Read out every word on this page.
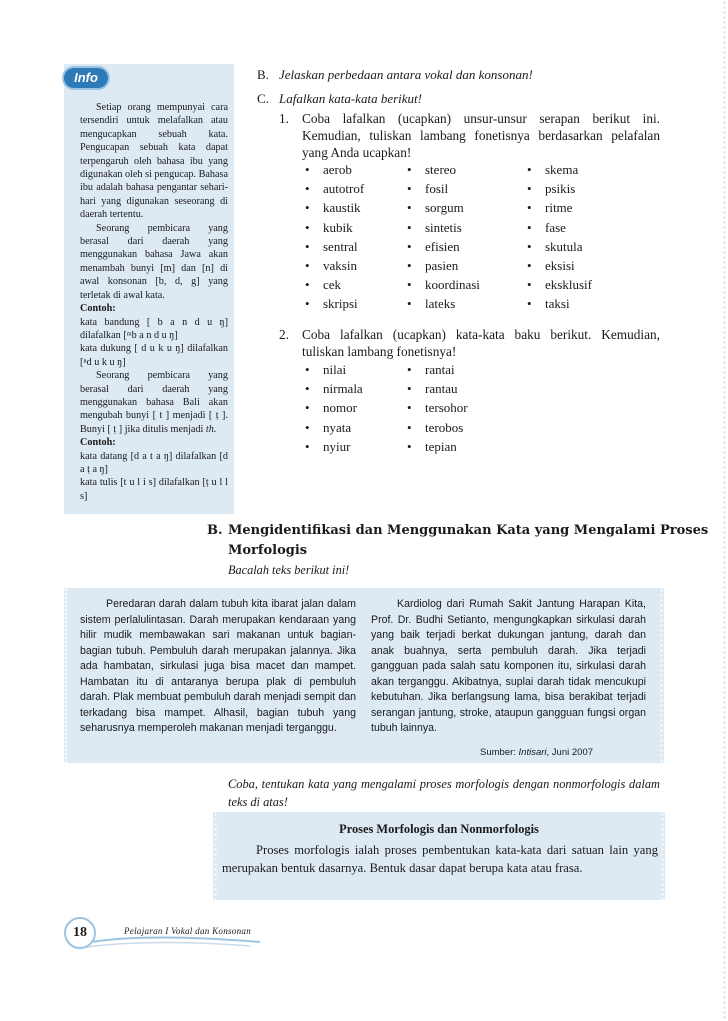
Info

Setiap orang mempunyai cara tersendiri untuk melafalkan atau mengucapkan sebuah kata. Pengucapan sebuah kata dapat terpengaruh oleh bahasa ibu yang digunakan oleh si pengucap. Bahasa ibu adalah bahasa pengantar sehari-hari yang digunakan seseorang di daerah tertentu.

Seorang pembicara yang berasal dari daerah yang menggunakan bahasa Jawa akan menambah bunyi [m] dan [n] di awal konsonan [b, d, g] yang terletak di awal kata.

Contoh:

kata bandung [ b a n d u ŋ] dilafalkan [ᵐb a n d u ŋ]

kata dukung [ d u k u ŋ] dilafalkan [ⁿd u k u ŋ]

Seorang pembicara yang berasal dari daerah yang menggunakan bahasa Bali akan mengubah bunyi [ t ] menjadi [ ṭ ]. Bunyi [ ṭ ] jika ditulis menjadi th.

Contoh:

kata datang [d a t a ŋ] dilafalkan [d a ṭ a ŋ]

kata tulis [t u l i s] dilafalkan [ṭ u l l s]

B. Jelaskan perbedaan antara vokal dan konsonan!
C. Lafalkan kata-kata berikut!
1. Coba lafalkan (ucapkan) unsur-unsur serapan berikut ini. Kemudian, tuliskan lambang fonetisnya berdasarkan pelafalan yang Anda ucapkan!
• aerob
• autotrof
• kaustik
• kubik
• sentral
• vaksin
• cek
• skripsi
• stereo
• fosil
• sorgum
• sintetis
• efisien
• pasien
• koordinasi
• lateks
• skema
• psikis
• ritme
• fase
• skutula
• eksisi
• eksklusif
• taksi
2. Coba lafalkan (ucapkan) kata-kata baku berikut. Kemudian, tuliskan lambang fonetisnya!
• nilai
• nirmala
• nomor
• nyata
• nyiur
• rantai
• rantau
• tersohor
• terobos
• tepian
B. Mengidentifikasi dan Menggunakan Kata yang Mengalami Proses
Morfologis
Bacalah teks berikut ini!
Peredaran darah dalam tubuh kita ibarat jalan dalam sistem perlalulintasan. Darah merupakan kendaraan yang hilir mudik membawakan sari makanan untuk bagian-bagian tubuh. Pembuluh darah merupakan jalannya. Jika ada hambatan, sirkulasi juga bisa macet dan mampet. Hambatan itu di antaranya berupa plak di pembuluh darah. Plak membuat pembuluh darah menjadi sempit dan terkadang bisa mampet. Alhasil, bagian tubuh yang seharusnya memperoleh makanan menjadi terganggu.
Kardiolog dari Rumah Sakit Jantung Harapan Kita, Prof. Dr. Budhi Setianto, mengungkapkan sirkulasi darah yang baik terjadi berkat dukungan jantung, darah dan anak buahnya, serta pembuluh darah. Jika terjadi gangguan pada salah satu komponen itu, sirkulasi darah akan terganggu. Akibatnya, suplai darah tidak mencukupi kebutuhan. Jika berlangsung lama, bisa berakibat terjadi serangan jantung, stroke, ataupun gangguan fungsi organ tubuh lainnya.
Sumber: Intisari, Juni 2007
Coba, tentukan kata yang mengalami proses morfologis dengan nonmorfologis dalam teks di atas!
Proses Morfologis dan Nonmorfologis
Proses morfologis ialah proses pembentukan kata-kata dari satuan lain yang merupakan bentuk dasarnya. Bentuk dasar dapat berupa kata atau frasa.
18	Pelajaran I Vokal dan Konsonan
